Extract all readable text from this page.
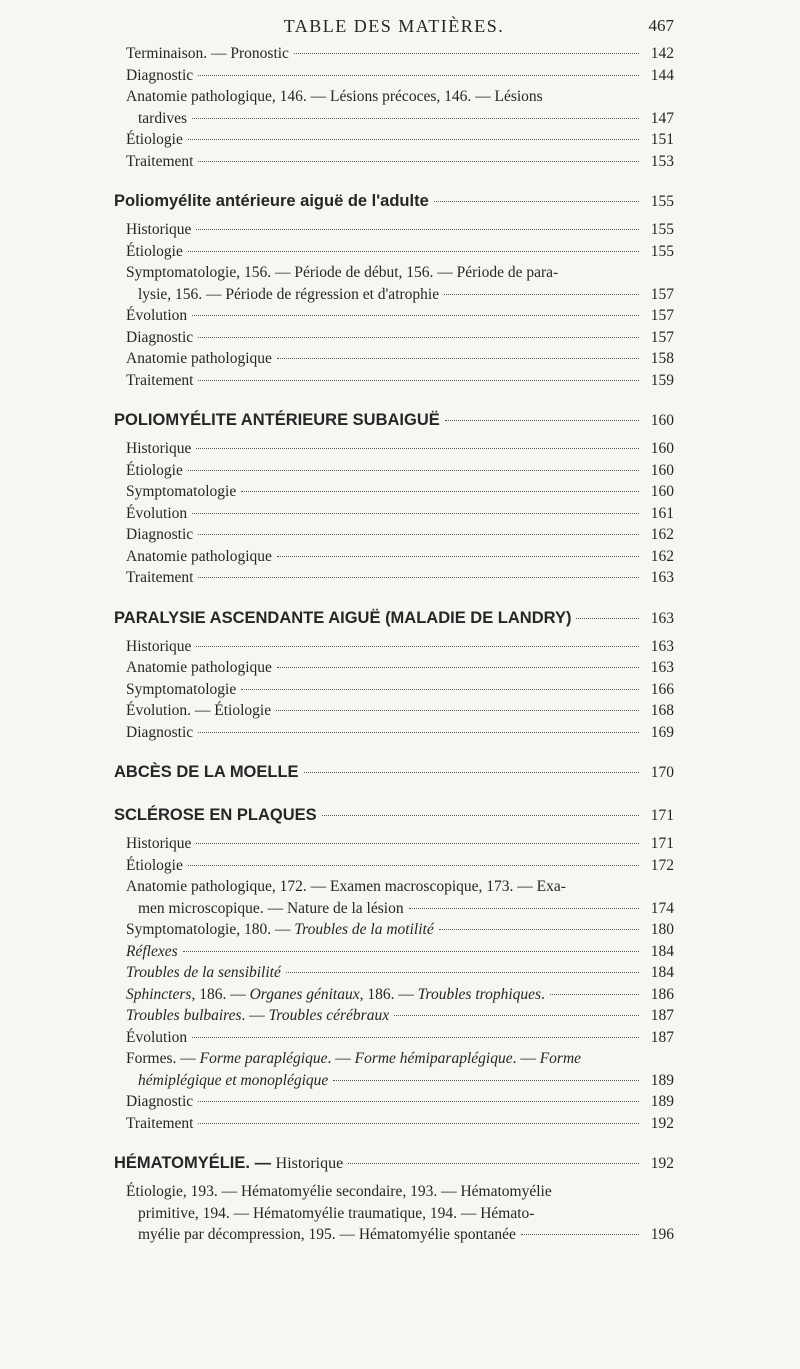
TABLE DES MATIÈRES.	467
Terminaison. — Pronostic	142
Diagnostic	144
Anatomie pathologique, 146. — Lésions précoces, 146. — Lésions
tardives	147
Étiologie	151
Traitement	153
Poliomyélite antérieure aiguë de l'adulte	155
Historique	155
Étiologie	155
Symptomatologie, 156. — Période de début, 156. — Période de para-
lysie, 156. — Période de régression et d'atrophie	157
Évolution	157
Diagnostic	157
Anatomie pathologique	158
Traitement	159
POLIOMYÉLITE ANTÉRIEURE SUBAIGUË	160
Historique	160
Étiologie	160
Symptomatologie	160
Évolution	161
Diagnostic	162
Anatomie pathologique	162
Traitement	163
PARALYSIE ASCENDANTE AIGUË (MALADIE DE LANDRY)	163
Historique	163
Anatomie pathologique	163
Symptomatologie	166
Évolution. — Étiologie	168
Diagnostic	169
ABCÈS DE LA MOELLE	170
SCLÉROSE EN PLAQUES	171
Historique	171
Étiologie	172
Anatomie pathologique, 172. — Examen macroscopique, 173. — Exa-
men microscopique. — Nature de la lésion	174
Symptomatologie, 180. — Troubles de la motilité	180
Réflexes	184
Troubles de la sensibilité	184
Sphincters, 186. — Organes génitaux, 186. — Troubles trophiques.	186
Troubles bulbaires. — Troubles cérébraux	187
Évolution	187
Formes. — Forme paraplégique. — Forme hémiparaplégique. — Forme
hémiplégique et monoplégique	189
Diagnostic	189
Traitement	192
HÉMATOMYÉLIE. — Historique	192
Étiologie, 193. — Hématomyélie secondaire, 193. — Hématomyélie
primitive, 194. — Hématomyélie traumatique, 194. — Hémato-
myélie par décompression, 195. — Hématomyélie spontanée	196
